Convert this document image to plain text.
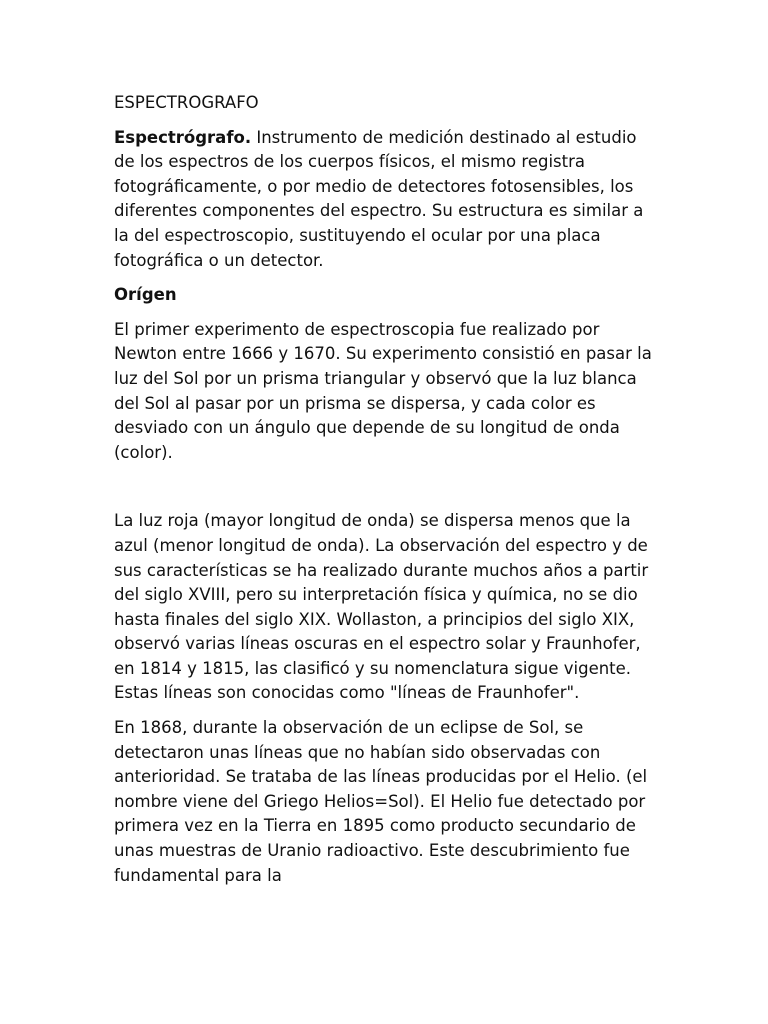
ESPECTROGRAFO

Espectrógrafo. Instrumento de medición destinado al estudio de los espectros de los cuerpos físicos, el mismo registra fotográficamente, o por medio de detectores fotosensibles, los diferentes componentes del espectro. Su estructura es similar a la del espectroscopio, sustituyendo el ocular por una placa fotográfica o un detector.

Orígen

El primer experimento de espectroscopia fue realizado por Newton entre 1666 y 1670. Su experimento consistió en pasar la luz del Sol por un prisma triangular y observó que la luz blanca del Sol al pasar por un prisma se dispersa, y cada color es desviado con un ángulo que depende de su longitud de onda (color).

La luz roja (mayor longitud de onda) se dispersa menos que la azul (menor longitud de onda). La observación del espectro y de sus características se ha realizado durante muchos años a partir del siglo XVIII, pero su interpretación física y química, no se dio hasta finales del siglo XIX. Wollaston, a principios del siglo XIX, observó varias líneas oscuras en el espectro solar y Fraunhofer, en 1814 y 1815, las clasificó y su nomenclatura sigue vigente. Estas líneas son conocidas como "líneas de Fraunhofer".

En 1868, durante la observación de un eclipse de Sol, se detectaron unas líneas que no habían sido observadas con anterioridad. Se trataba de las líneas producidas por el Helio. (el nombre viene del Griego Helios=Sol). El Helio fue detectado por primera vez en la Tierra en 1895 como producto secundario de unas muestras de Uranio radioactivo. Este descubrimiento fue fundamental para la
